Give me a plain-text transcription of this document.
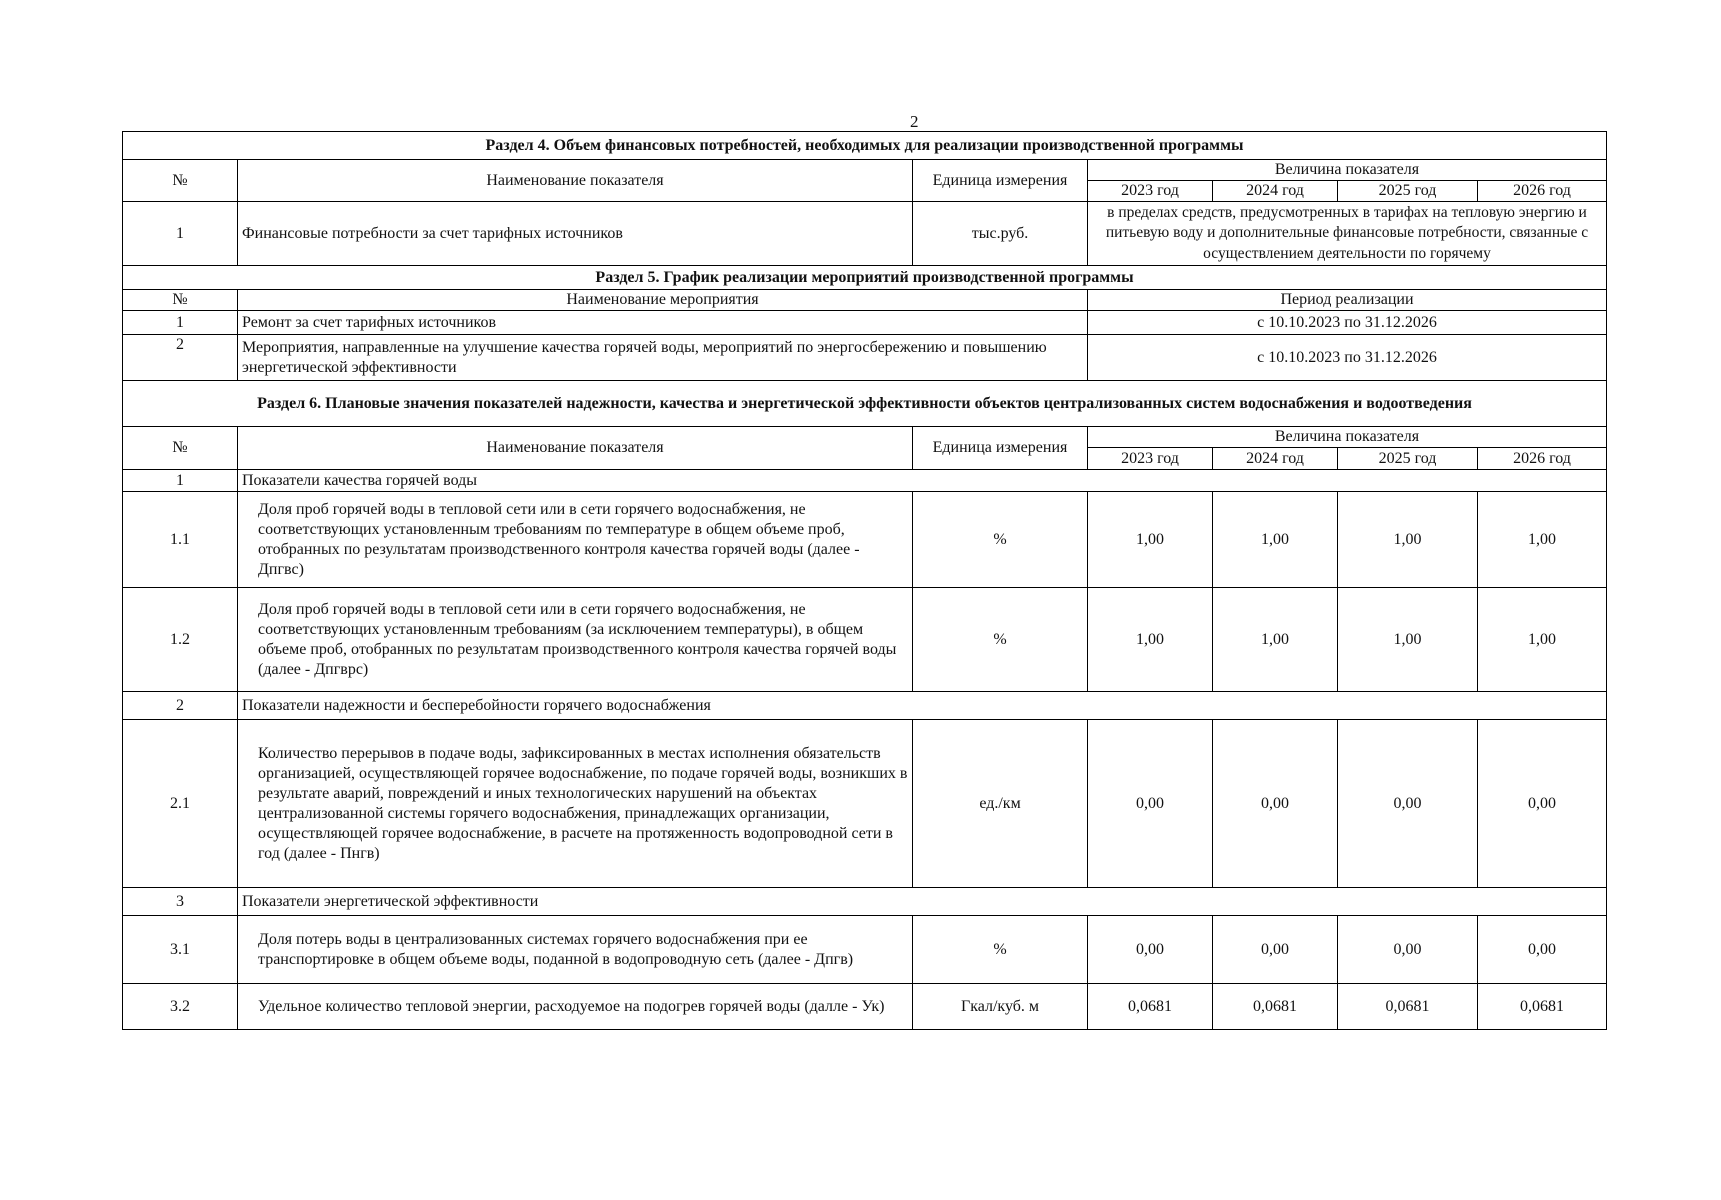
2
Раздел 4. Объем финансовых потребностей, необходимых для реализации производственной программы						
№	Наименование показателя	Единица измерения	Величина показателя			
			2023 год	2024 год	2025 год	2026 год
1	Финансовые потребности за счет тарифных источников	тыс.руб.	в пределах средств, предусмотренных в тарифах на тепловую энергию и питьевую воду и дополнительные финансовые потребности, связанные с осуществлением деятельности по горячему			
Раздел 5. График реализации мероприятий производственной программы						
№	Наименование мероприятия		Период реализации			
1	Ремонт за счет тарифных источников		с 10.10.2023 по 31.12.2026			
2	Мероприятия, направленные на улучшение качества горячей воды, мероприятий по энергосбережению и повышению энергетической эффективности		с 10.10.2023 по 31.12.2026			
Раздел 6. Плановые значения показателей надежности, качества и энергетической эффективности объектов централизованных систем водоснабжения и водоотведения						
№	Наименование показателя	Единица измерения	Величина показателя			
			2023 год	2024 год	2025 год	2026 год
1	Показатели качества горячей воды					
1.1	Доля проб горячей воды в тепловой сети или в сети горячего водоснабжения, не соответствующих установленным требованиям по температуре в общем объеме проб, отобранных по результатам производственного контроля качества горячей воды (далее - Дпгвс)	%	1,00	1,00	1,00	1,00
1.2	Доля проб горячей воды в тепловой сети или в сети горячего водоснабжения, не соответствующих установленным требованиям (за исключением температуры), в общем объеме проб, отобранных по результатам производственного контроля качества горячей воды (далее - Дпгврс)	%	1,00	1,00	1,00	1,00
2	Показатели надежности и бесперебойности горячего водоснабжения					
2.1	Количество перерывов в подаче воды, зафиксированных в местах исполнения обязательств организацией, осуществляющей горячее водоснабжение, по подаче горячей воды, возникших в результате аварий, повреждений и иных технологических нарушений на объектах централизованной системы горячего водоснабжения, принадлежащих организации, осуществляющей горячее водоснабжение, в расчете на протяженность водопроводной сети в год (далее - Пнгв)	ед./км	0,00	0,00	0,00	0,00
3	Показатели энергетической эффективности					
3.1	Доля потерь воды в централизованных системах горячего водоснабжения при ее транспортировке в общем объеме воды, поданной в водопроводную сеть (далее - Дпгв)	%	0,00	0,00	0,00	0,00
3.2	Удельное количество тепловой энергии, расходуемое на подогрев горячей воды (далле - Ук)	Гкал/куб. м	0,0681	0,0681	0,0681	0,0681
